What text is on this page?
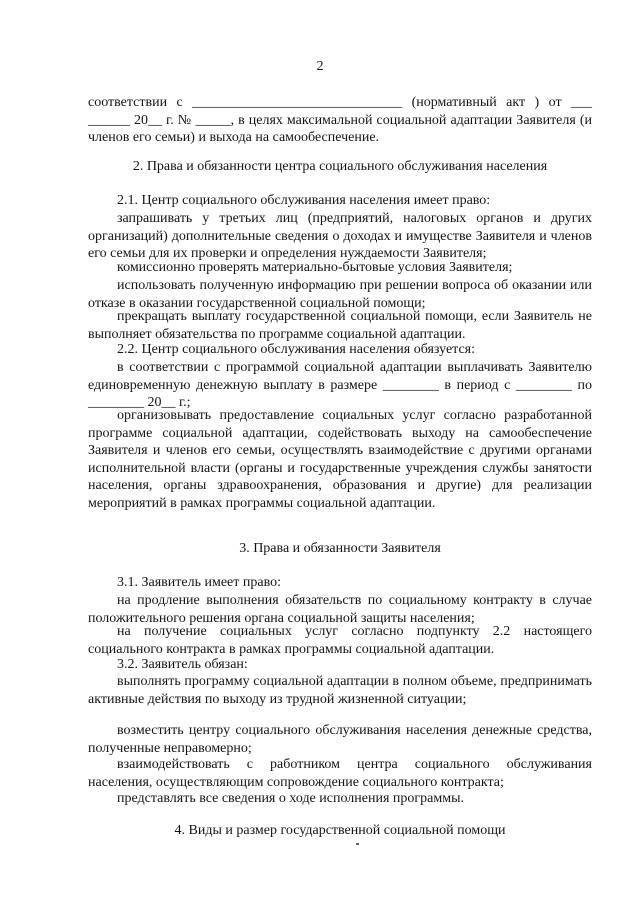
2
соответствии с ______________________________ (нормативный акт ) от ___ ______ 20__ г. № _____, в целях максимальной социальной адаптации Заявителя (и членов его семьи) и выхода на самообеспечение.
2. Права и обязанности центра социального обслуживания населения
2.1. Центр социального обслуживания населения имеет право:
запрашивать у третьих лиц (предприятий, налоговых органов и других организаций) дополнительные сведения о доходах и имуществе Заявителя и членов его семьи для их проверки и определения нуждаемости Заявителя;
комиссионно проверять материально-бытовые условия Заявителя;
использовать полученную информацию при решении вопроса об оказании или отказе в оказании государственной социальной помощи;
прекращать выплату государственной социальной помощи, если Заявитель не выполняет обязательства по программе социальной адаптации.
2.2. Центр социального обслуживания населения обязуется:
в соответствии с программой социальной адаптации выплачивать Заявителю единовременную денежную выплату в размере ________ в период с ________ по ________ 20__ г.;
организовывать предоставление социальных услуг согласно разработанной программе социальной адаптации, содействовать выходу на самообеспечение Заявителя и членов его семьи, осуществлять взаимодействие с другими органами исполнительной власти (органы и государственные учреждения службы занятости населения, органы здравоохранения, образования и другие) для реализации мероприятий в рамках программы социальной адаптации.
3. Права и обязанности Заявителя
3.1. Заявитель имеет право:
на продление выполнения обязательств по социальному контракту в случае положительного решения органа социальной защиты населения;
на получение социальных услуг согласно подпункту 2.2 настоящего социального контракта в рамках программы социальной адаптации.
3.2. Заявитель обязан:
выполнять программу социальной адаптации в полном объеме, предпринимать активные действия по выходу из трудной жизненной ситуации;
возместить центру социального обслуживания населения денежные средства, полученные неправомерно;
взаимодействовать с работником центра социального обслуживания населения, осуществляющим сопровождение социального контракта;
представлять все сведения о ходе исполнения программы.
4. Виды и размер государственной социальной помощи
